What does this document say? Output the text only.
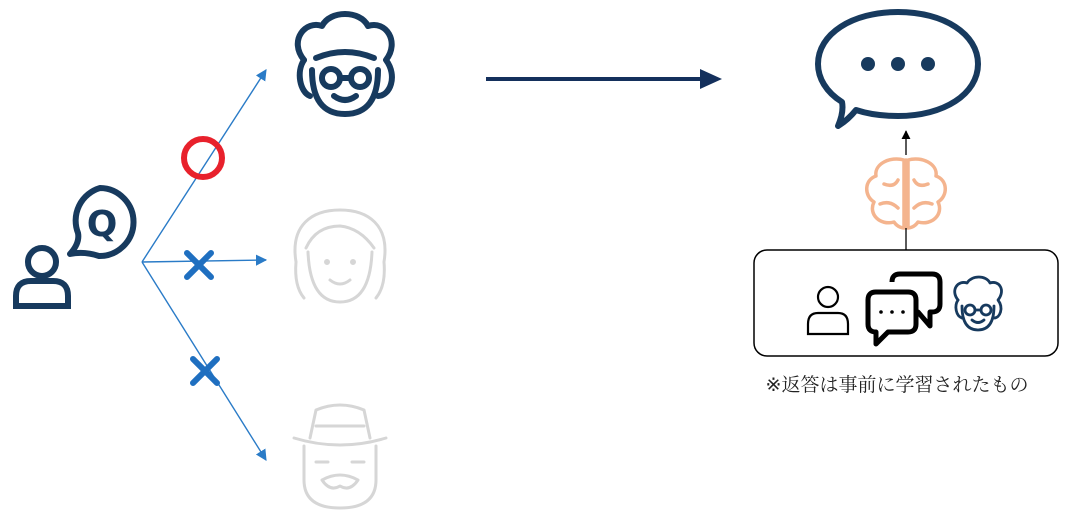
Q
※返答は事前に学習されたもの
